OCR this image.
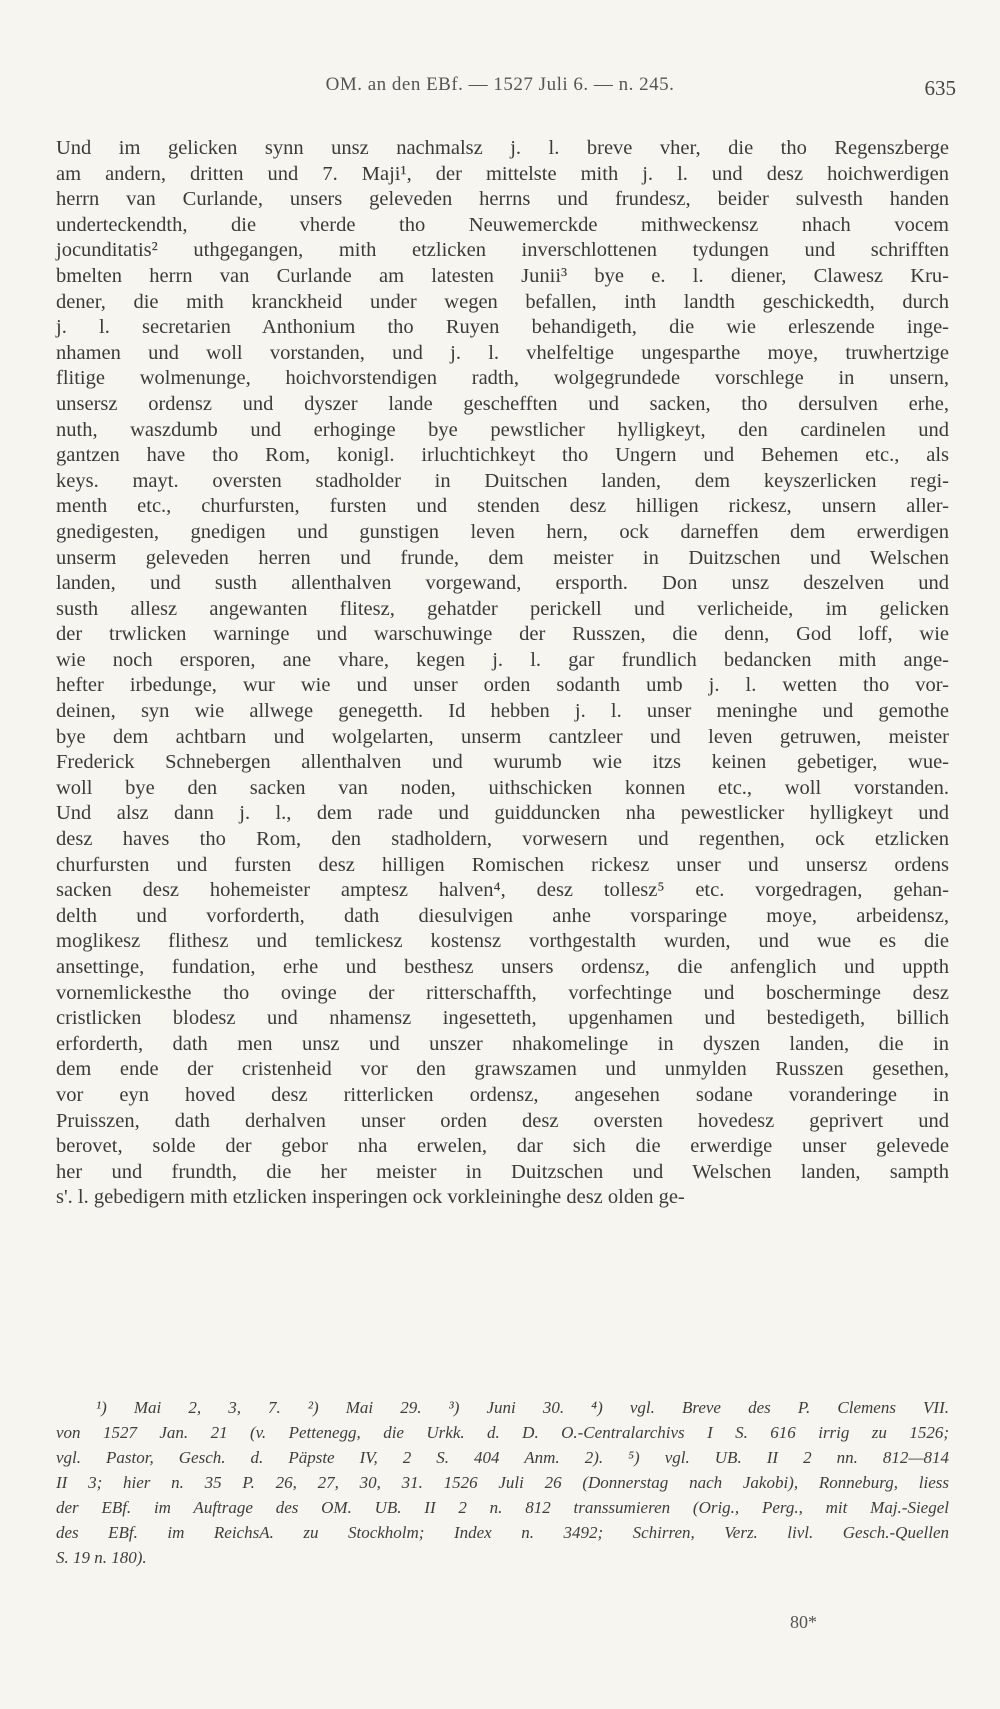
OM. an den EBf. — 1527 Juli 6. — n. 245.	635
Und im gelicken synn unsz nachmalsz j. l. breve vher, die tho Regenszberge
am andern, dritten und 7. Maji¹, der mittelste mith j. l. und desz hoichwerdigen
herrn van Curlande, unsers geleveden herrns und frundesz, beider sulvesth handen
underteckendth, die vherde tho Neuwemerckde mithweckensz nhach vocem
jocunditatis² uthgegangen, mith etzlicken inverschlottenen tydungen und schrifften
bmelten herrn van Curlande am latesten Junii³ bye e. l. diener, Clawesz Kru-
dener, die mith kranckheid under wegen befallen, inth landth geschickedth, durch
j. l. secretarien Anthonium tho Ruyen behandigeth, die wie erleszende inge-
nhamen und woll vorstanden, und j. l. vhelfeltige ungesparthe moye, truwhertzige
flitige wolmenunge, hoichvorstendigen radth, wolgegrundede vorschlege in unsern,
unsersz ordensz und dyszer lande geschefften und sacken, tho dersulven erhe,
nuth, waszdumb und erhoginge bye pewstlicher hylligkeyt, den cardinelen und
gantzen have tho Rom, konigl. irluchtichkeyt tho Ungern und Behemen etc., als
keys. mayt. oversten stadholder in Duitschen landen, dem keyszerlicken regi-
menth etc., churfursten, fursten und stenden desz hilligen rickesz, unsern aller-
gnedigesten, gnedigen und gunstigen leven hern, ock darneffen dem erwerdigen
unserm geleveden herren und frunde, dem meister in Duitzschen und Welschen
landen, und susth allenthalven vorgewand, ersporth. Don unsz deszelven und
susth allesz angewanten flitesz, gehatder perickell und verlicheide, im gelicken
der trwlicken warninge und warschuwinge der Russzen, die denn, God loff, wie
wie noch ersporen, ane vhare, kegen j. l. gar frundlich bedancken mith ange-
hefter irbedunge, wur wie und unser orden sodanth umb j. l. wetten tho vor-
deinen, syn wie allwege genegetth. Id hebben j. l. unser meninghe und gemothe
bye dem achtbarn und wolgelarten, unserm cantzleer und leven getruwen, meister
Frederick Schnebergen allenthalven und wurumb wie itzs keinen gebetiger, wue-
woll bye den sacken van noden, uithschicken konnen etc., woll vorstanden.
Und alsz dann j. l., dem rade und guidduncken nha pewestlicker hylligkeyt und
desz haves tho Rom, den stadholdern, vorwesern und regenthen, ock etzlicken
churfursten und fursten desz hilligen Romischen rickesz unser und unsersz ordens
sacken desz hohemeister amptesz halven⁴, desz tollesz⁵ etc. vorgedragen, gehan-
delth und vorforderth, dath diesulvigen anhe vorsparinge moye, arbeidensz,
moglikesz flithesz und temlickesz kostensz vorthgestalth wurden, und wue es die
ansettinge, fundation, erhe und besthesz unsers ordensz, die anfenglich und uppth
vornemlickesthe tho ovinge der ritterschaffth, vorfechtinge und boscherminge desz
cristlicken blodesz und nhamensz ingesetteth, upgenhamen und bestedigeth, billich
erforderth, dath men unsz und unszer nhakomelinge in dyszen landen, die in
dem ende der cristenheid vor den grawszamen und unmylden Russzen gesethen,
vor eyn hoved desz ritterlicken ordensz, angesehen sodane voranderinge in
Pruisszen, dath derhalven unser orden desz oversten hovedesz geprivert und
berovet, solde der gebor nha erwelen, dar sich die erwerdige unser gelevede
her und frundth, die her meister in Duitzschen und Welschen landen, sampth
s'. l. gebedigern mith etzlicken insperingen ock vorkleininghe desz olden ge-
¹) Mai 2, 3, 7. ²) Mai 29. ³) Juni 30. ⁴) vgl. Breve des P. Clemens VII.
von 1527 Jan. 21 (v. Pettenegg, die Urkk. d. D. O.-Centralarchivs I S. 616 irrig zu 1526;
vgl. Pastor, Gesch. d. Päpste IV, 2 S. 404 Anm. 2). ⁵) vgl. UB. II 2 nn. 812—814
II 3; hier n. 35 P. 26, 27, 30, 31. 1526 Juli 26 (Donnerstag nach Jakobi), Ronneburg, liess
der EBf. im Auftrage des OM. UB. II 2 n. 812 transsumieren (Orig., Perg., mit Maj.-Siegel
des EBf. im ReichsA. zu Stockholm; Index n. 3492; Schirren, Verz. livl. Gesch.-Quellen
S. 19 n. 180).
80*
